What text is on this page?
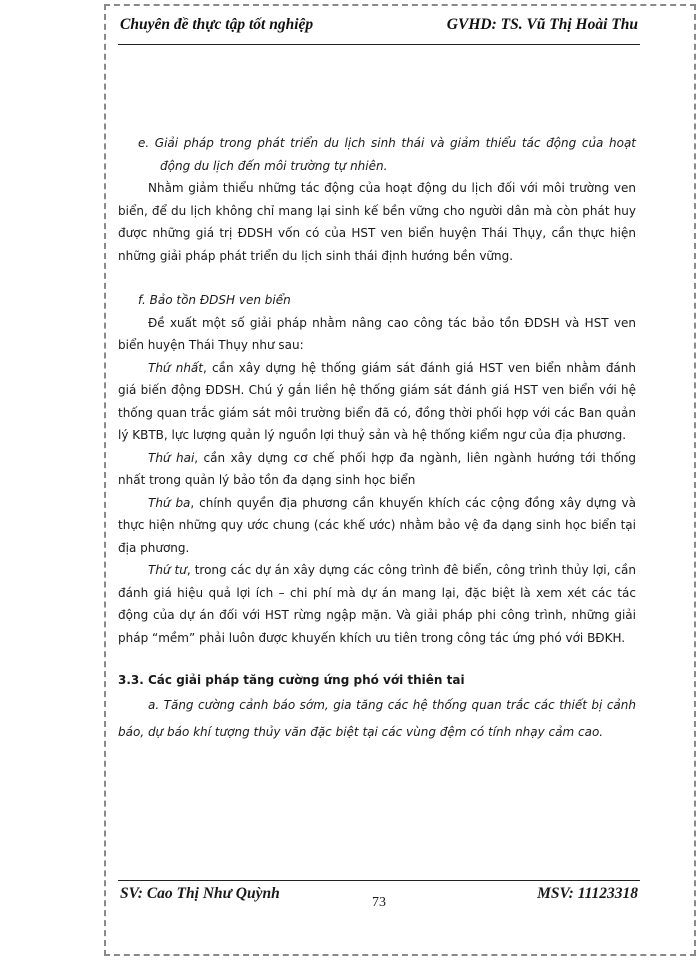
Chuyên đề thực tập tốt nghiệp	GVHD: TS. Vũ Thị Hoài Thu

e. Giải pháp trong phát triển du lịch sinh thái và giảm thiểu tác động của hoạt động du lịch đến môi trường tự nhiên.

Nhằm giảm thiểu những tác động của hoạt động du lịch đối với môi trường ven biển, để du lịch không chỉ mang lại sinh kế bền vững cho người dân mà còn phát huy được những giá trị ĐDSH vốn có của HST ven biển huyện Thái Thụy, cần thực hiện những giải pháp phát triển du lịch sinh thái định hướng bền vững.

f. Bảo tồn ĐDSH ven biển

Đề xuất một số giải pháp nhằm nâng cao công tác bảo tồn ĐDSH và HST ven biển huyện Thái Thụy như sau:

Thứ nhất, cần xây dựng hệ thống giám sát đánh giá HST ven biển nhằm đánh giá biến động ĐDSH. Chú ý gắn liền hệ thống giám sát đánh giá HST ven biển với hệ thống quan trắc giám sát môi trường biển đã có, đồng thời phối hợp với các Ban quản lý KBTB, lực lượng quản lý nguồn lợi thuỷ sản và hệ thống kiểm ngư của địa phương.

Thứ hai, cần xây dựng cơ chế phối hợp đa ngành, liên ngành hướng tới thống nhất trong quản lý bảo tồn đa dạng sinh học biển

Thứ ba, chính quyền địa phương cần khuyến khích các cộng đồng xây dựng và thực hiện những quy ước chung (các khế ước) nhằm bảo vệ đa dạng sinh học biển tại địa phương.

Thứ tư, trong các dự án xây dựng các công trình đê biển, công trình thủy lợi, cần đánh giá hiệu quả lợi ích – chi phí mà dự án mang lại, đặc biệt là xem xét các tác động của dự án đối với HST rừng ngập mặn. Và giải pháp phi công trình, những giải pháp “mềm” phải luôn được khuyến khích ưu tiên trong công tác ứng phó với BĐKH.

3.3. Các giải pháp tăng cường ứng phó với thiên tai

a. Tăng cường cảnh báo sớm, gia tăng các hệ thống quan trắc các thiết bị cảnh báo, dự báo khí tượng thủy văn đặc biệt tại các vùng đệm có tính nhạy cảm cao.

SV: Cao Thị Như Quỳnh
73
MSV: 11123318
